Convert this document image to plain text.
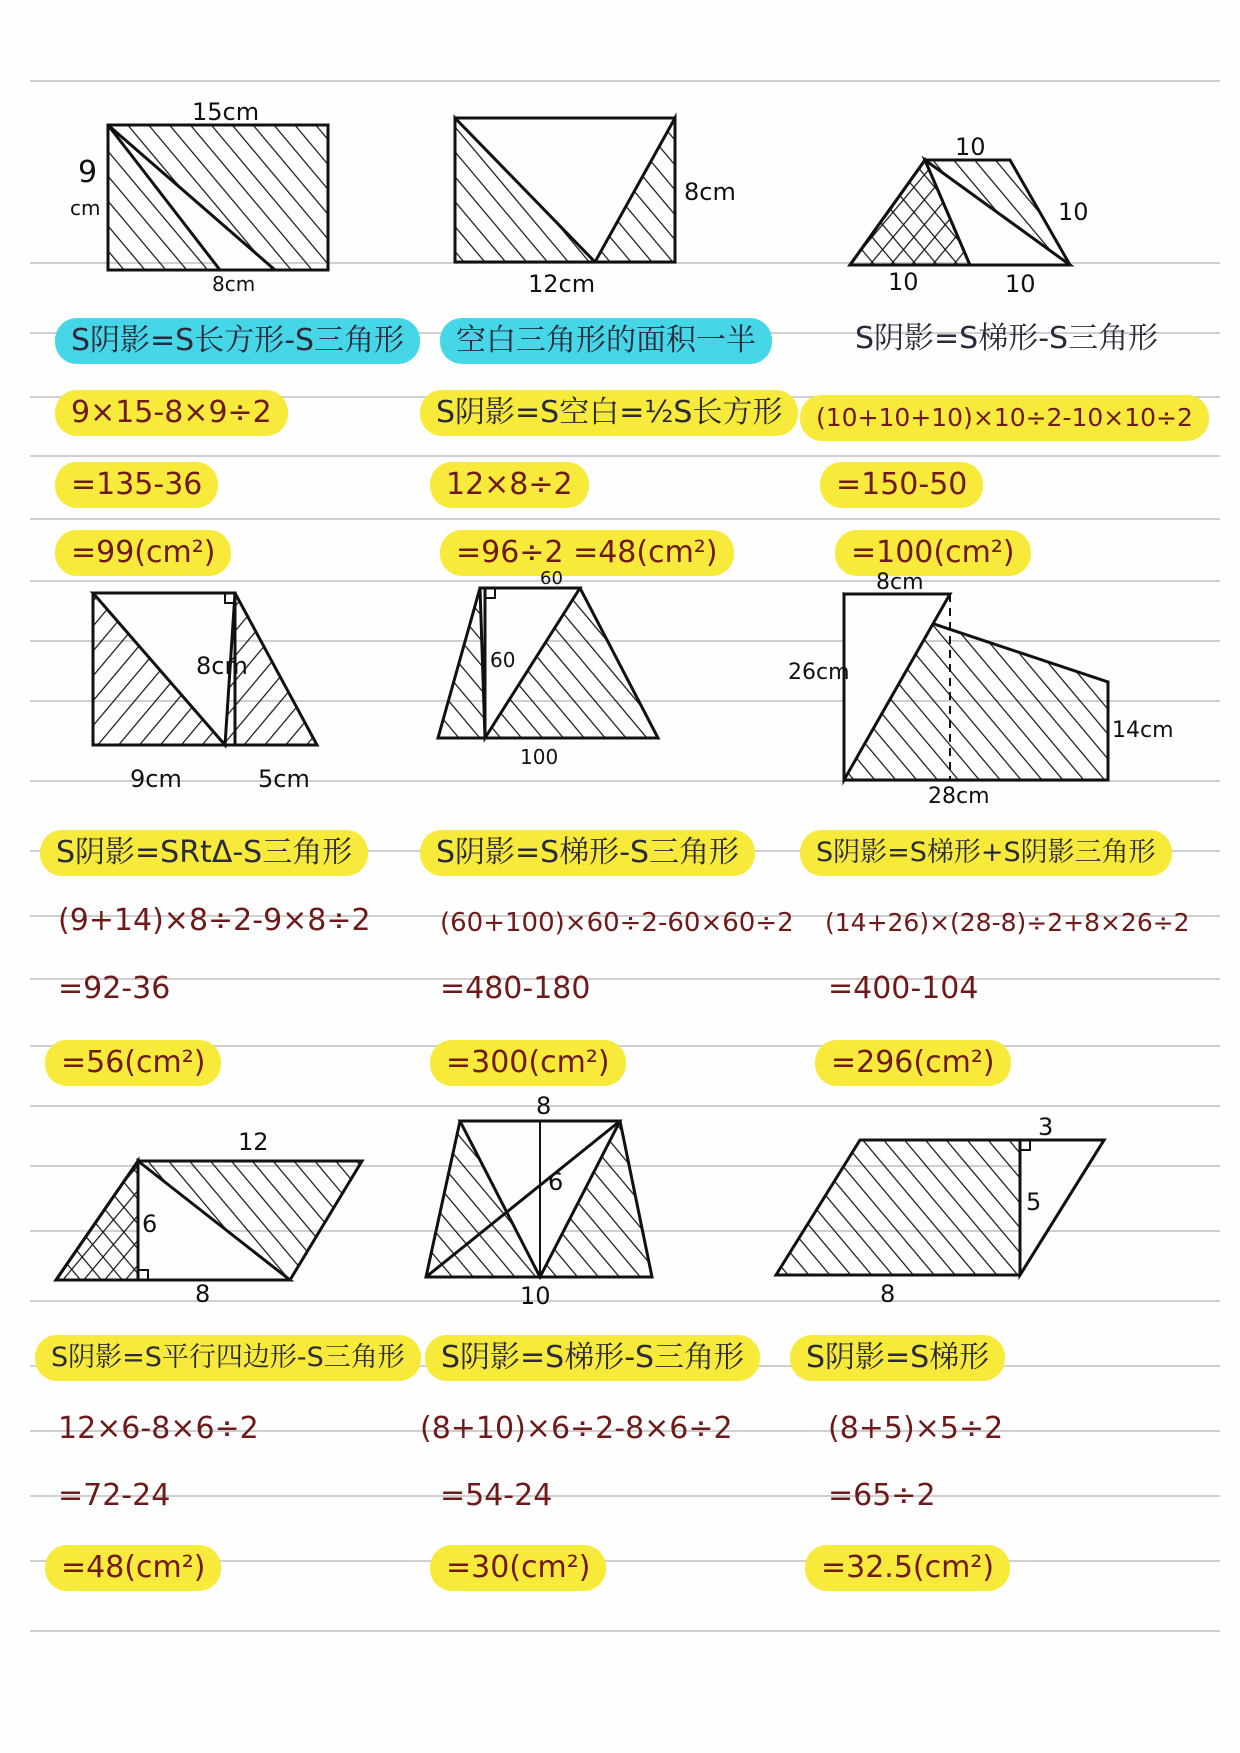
15cm
9
cm
8cm
8cm
12cm
10
10
10	10
S阴影=S长方形-S三角形
9×15-8×9÷2
=135-36
=99(cm²)
空白三角形的面积一半
S阴影=S空白=½S长方形
12×8÷2
=96÷2 =48(cm²)
S阴影=S梯形-S三角形
(10+10+10)×10÷2-10×10÷2
=150-50
=100(cm²)
8cm
9cm	5cm
60
60
100
8cm
26cm
14cm
28cm
S阴影=SRtΔ-S三角形
(9+14)×8÷2-9×8÷2
=92-36
=56(cm²)
S阴影=S梯形-S三角形
(60+100)×60÷2-60×60÷2
=480-180
=300(cm²)
S阴影=S梯形+S阴影三角形
(14+26)×(28-8)÷2+8×26÷2
=400-104
=296(cm²)
12
6
8
8
6
10
3
5
8
S阴影=S平行四边形-S三角形
12×6-8×6÷2
=72-24
=48(cm²)
S阴影=S梯形-S三角形
(8+10)×6÷2-8×6÷2
=54-24
=30(cm²)
S阴影=S梯形
(8+5)×5÷2
=65÷2
=32.5(cm²)
